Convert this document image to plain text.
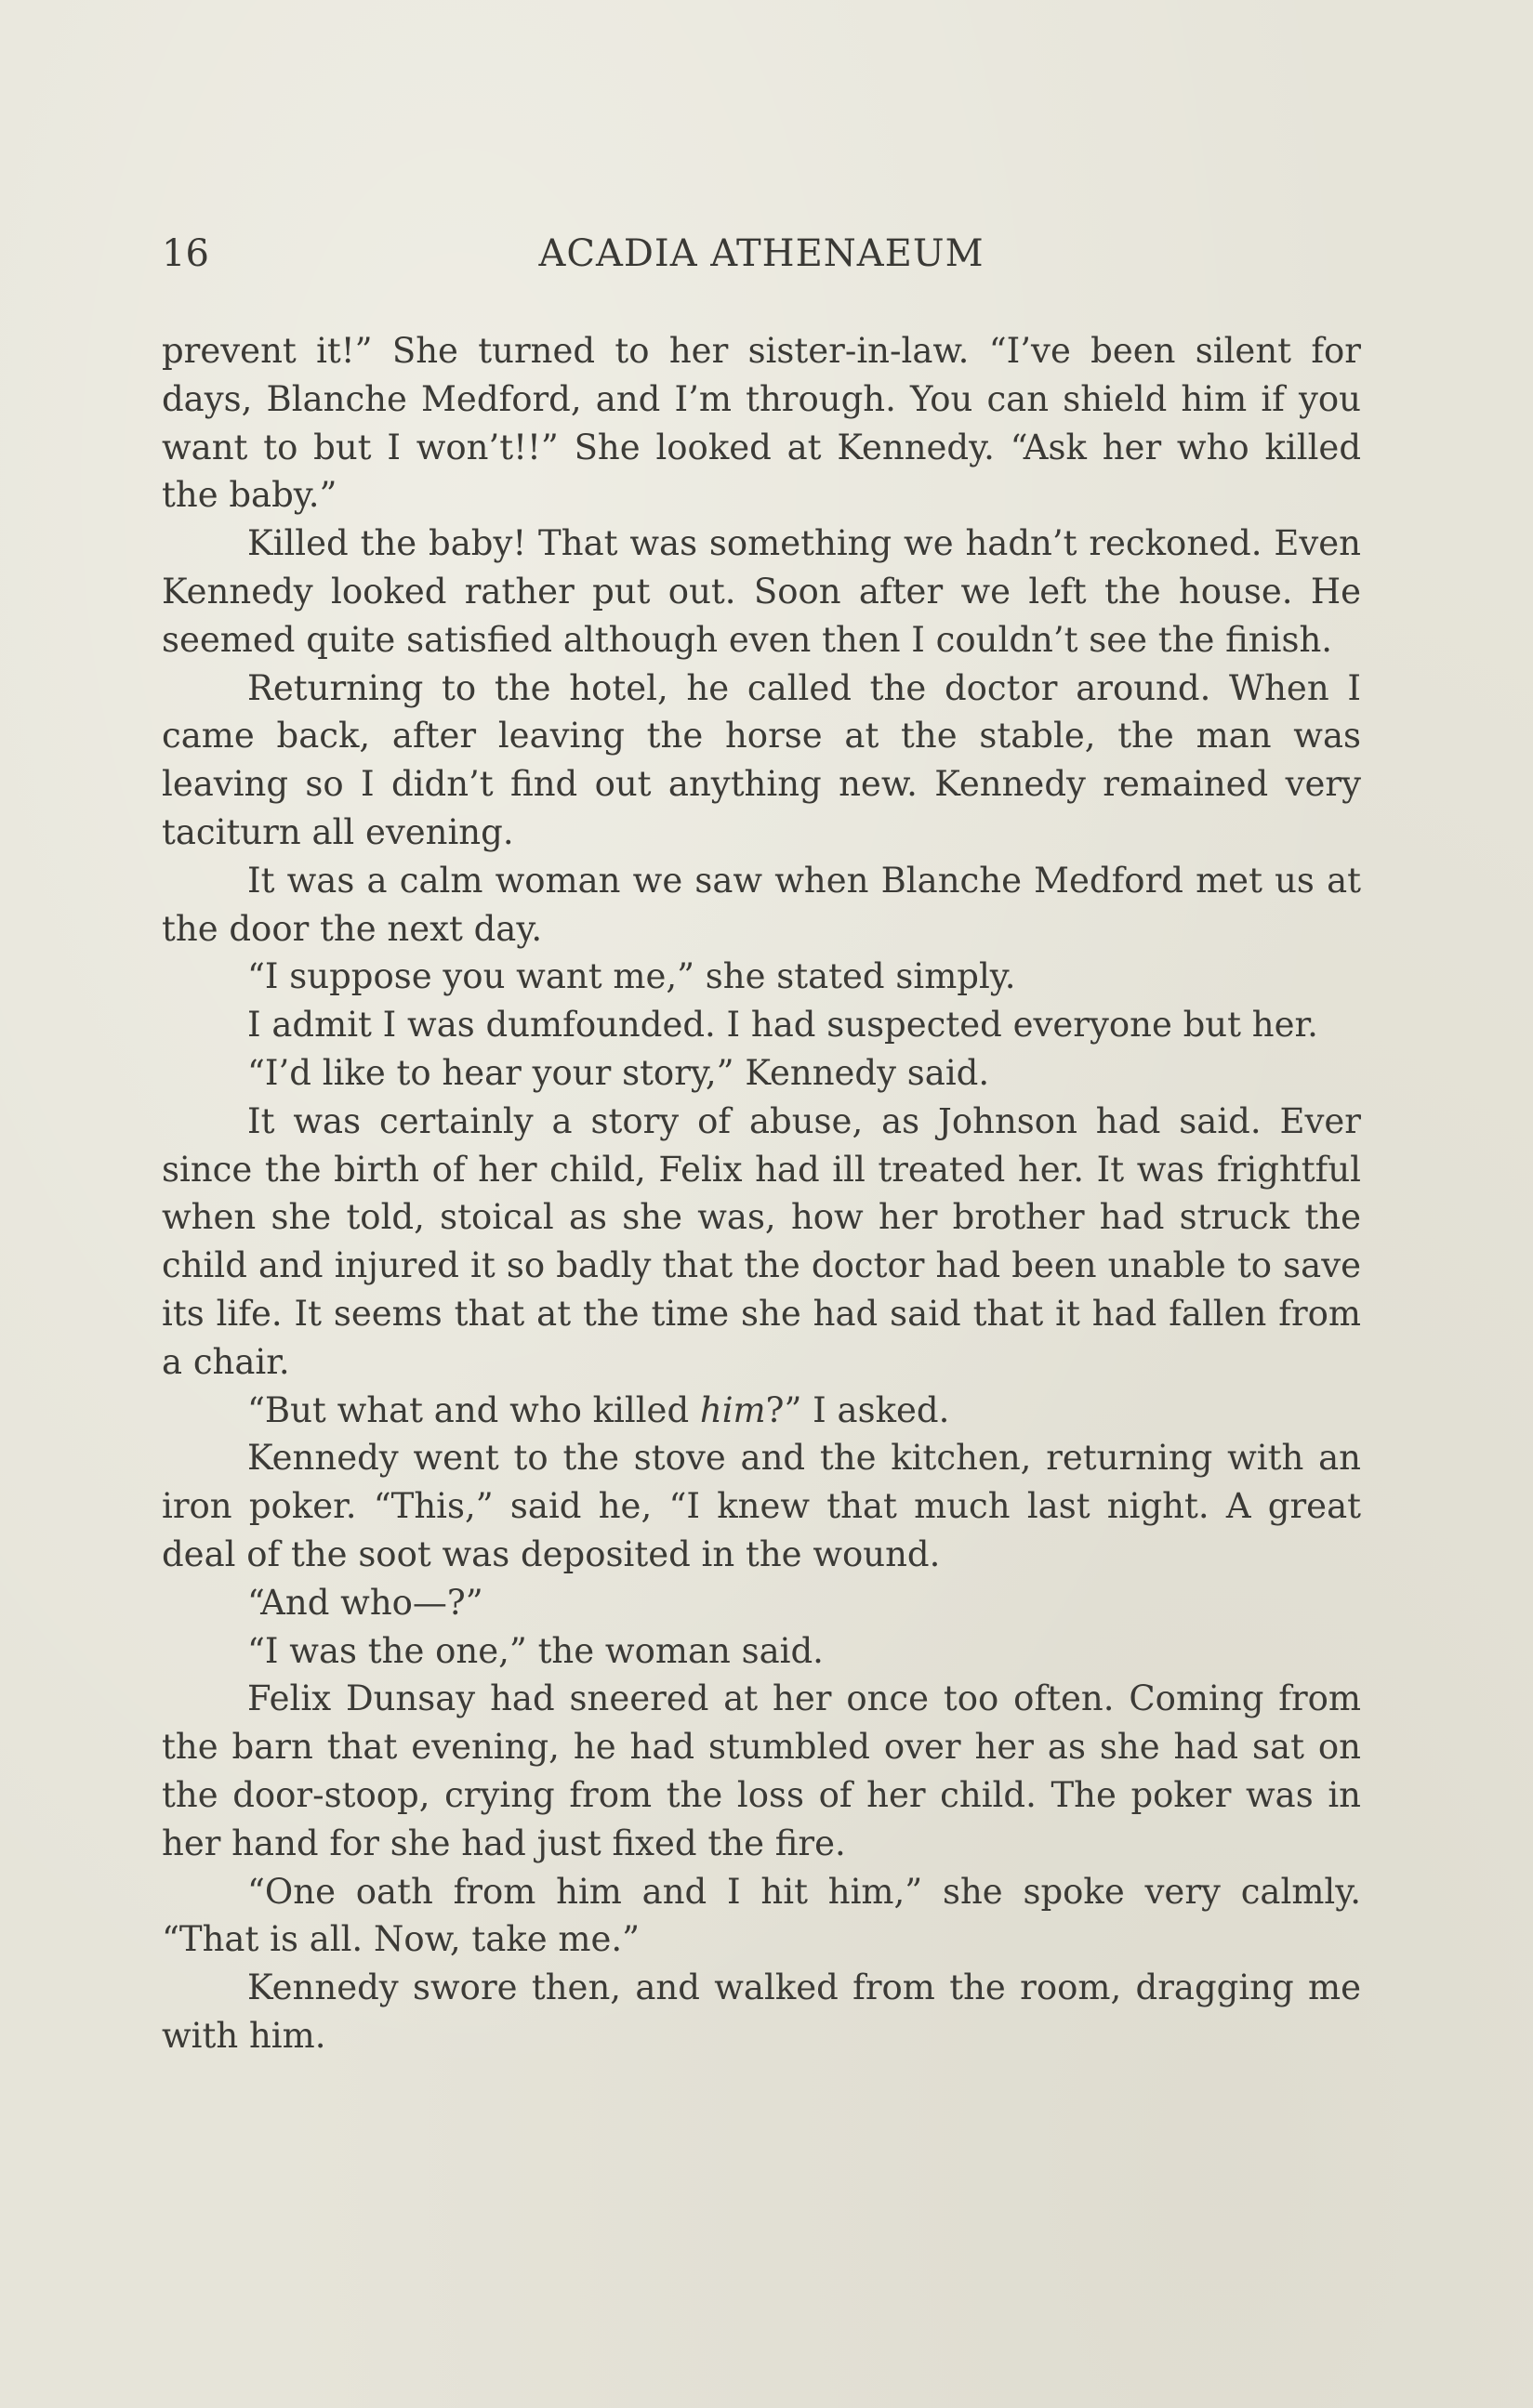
16	ACADIA ATHENAEUM

prevent it!” She turned to her sister-in-law. “I’ve been silent for days, Blanche Medford, and I’m through. You can shield him if you want to but I won’t!!” She looked at Kennedy. “Ask her who killed the baby.”

Killed the baby! That was something we hadn’t reckoned. Even Kennedy looked rather put out. Soon after we left the house. He seemed quite satisfied although even then I couldn’t see the finish.

Returning to the hotel, he called the doctor around. When I came back, after leaving the horse at the stable, the man was leaving so I didn’t find out anything new. Kennedy remained very taciturn all evening.

It was a calm woman we saw when Blanche Medford met us at the door the next day.

“I suppose you want me,” she stated simply.

I admit I was dumfounded. I had suspected everyone but her.

“I’d like to hear your story,” Kennedy said.

It was certainly a story of abuse, as Johnson had said. Ever since the birth of her child, Felix had ill treated her. It was frightful when she told, stoical as she was, how her brother had struck the child and injured it so badly that the doctor had been unable to save its life. It seems that at the time she had said that it had fallen from a chair.

“But what and who killed him?” I asked.

Kennedy went to the stove and the kitchen, returning with an iron poker. “This,” said he, “I knew that much last night. A great deal of the soot was deposited in the wound.

“And who—?”

“I was the one,” the woman said.

Felix Dunsay had sneered at her once too often. Coming from the barn that evening, he had stumbled over her as she had sat on the door-stoop, crying from the loss of her child. The poker was in her hand for she had just fixed the fire.

“One oath from him and I hit him,” she spoke very calmly. “That is all. Now, take me.”

Kennedy swore then, and walked from the room, dragging me with him.
